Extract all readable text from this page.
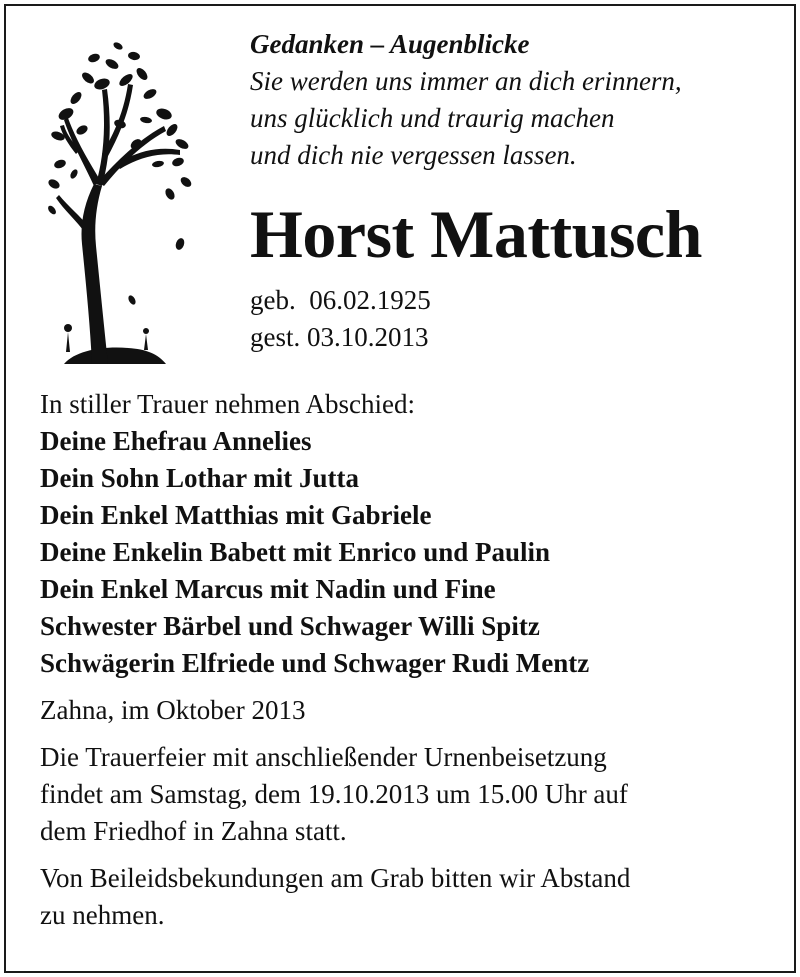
Gedanken – Augenblicke
Sie werden uns immer an dich erinnern,
uns glücklich und traurig machen
und dich nie vergessen lassen.
Horst Mattusch
geb.  06.02.1925
gest. 03.10.2013
In stiller Trauer nehmen Abschied:
Deine Ehefrau Annelies
Dein Sohn Lothar mit Jutta
Dein Enkel Matthias mit Gabriele
Deine Enkelin Babett mit Enrico und Paulin
Dein Enkel Marcus mit Nadin und Fine
Schwester Bärbel und Schwager Willi Spitz
Schwägerin Elfriede und Schwager Rudi Mentz
Zahna, im Oktober 2013
Die Trauerfeier mit anschließender Urnenbeisetzung
findet am Samstag, dem 19.10.2013 um 15.00 Uhr auf
dem Friedhof in Zahna statt.
Von Beileidsbekundungen am Grab bitten wir Abstand
zu nehmen.
